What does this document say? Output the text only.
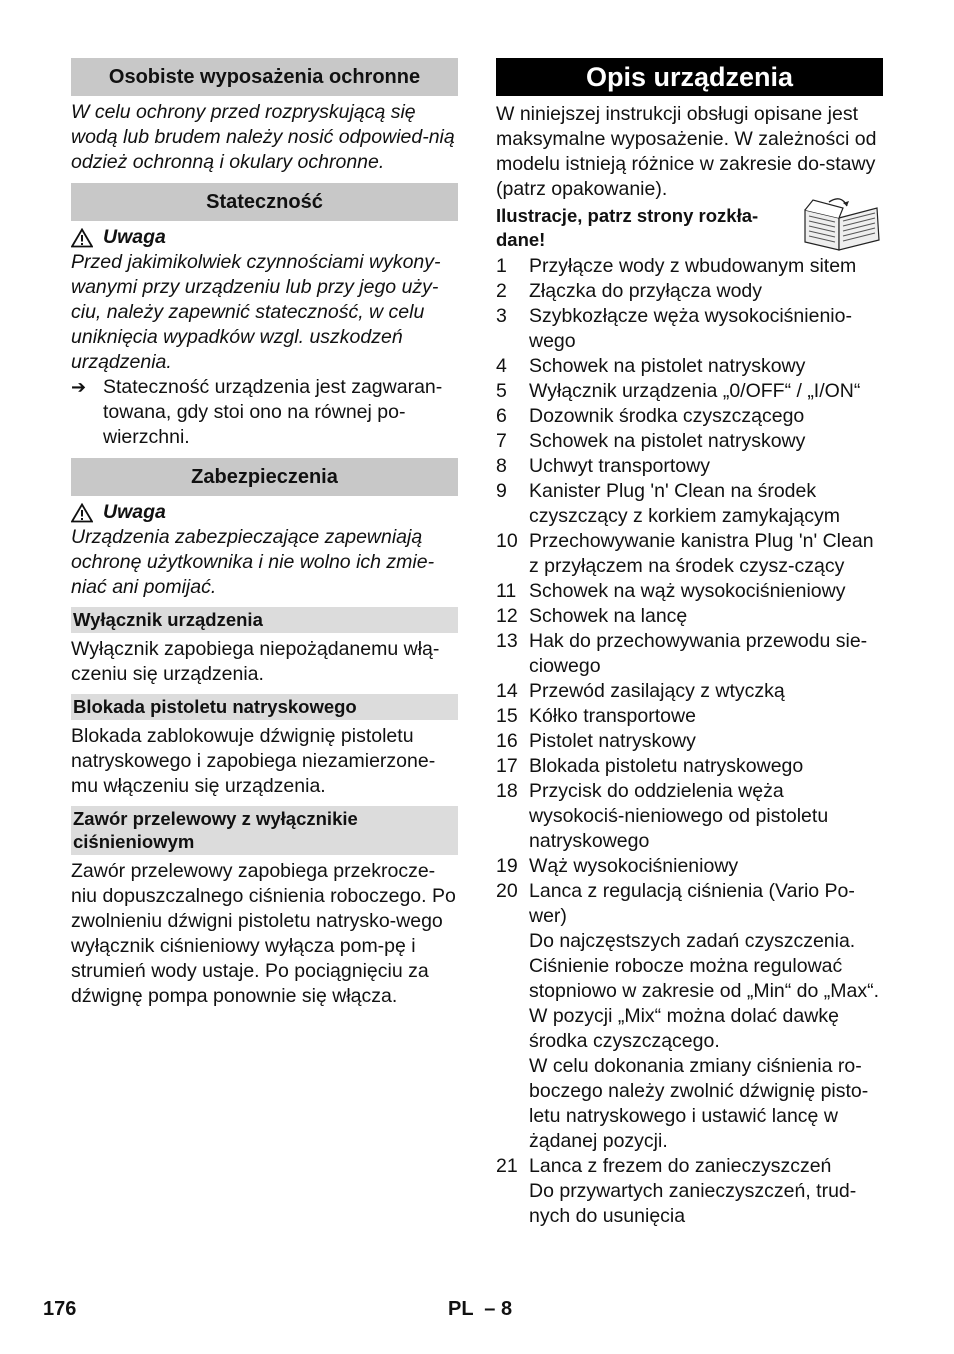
Osobiste wyposażenia ochronne

W celu ochrony przed rozpryskującą się wodą lub brudem należy nosić odpowied-nią odzież ochronną i okulary ochronne.

Stateczność
Uwaga

Przed jakimikolwiek czynnościami wykony-wanymi przy urządzeniu lub przy jego uży-ciu, należy zapewnić stateczność, w celu uniknięcia wypadków wzgl. uszkodzeń urządzenia.

➔ Stateczność urządzenia jest zagwaran-towana, gdy stoi ono na równej po-wierzchni.
Zabezpieczenia
Uwaga

Urządzenia zabezpieczające zapewniają ochronę użytkownika i nie wolno ich zmie-niać ani pomijać.

Wyłącznik urządzenia

Wyłącznik zapobiega niepożądanemu włą-czeniu się urządzenia.

Blokada pistoletu natryskowego

Blokada zablokowuje dźwignię pistoletu natryskowego i zapobiega niezamierzone-mu włączeniu się urządzenia.

Zawór przelewowy z wyłącznikie ciśnieniowym

Zawór przelewowy zapobiega przekrocze-niu dopuszczalnego ciśnienia roboczego. Po zwolnieniu dźwigni pistoletu natrysko-wego wyłącznik ciśnieniowy wyłącza pom-pę i strumień wody ustaje. Po pociągnięciu za dźwignę pompa ponownie się włącza.

Opis urządzenia

W niniejszej instrukcji obsługi opisane jest maksymalne wyposażenie. W zależności od modelu istnieją różnice w zakresie do-stawy (patrz opakowanie).

Ilustracje, patrz strony rozkła-dane!
1	Przyłącze wody z wbudowanym sitem
2	Złączka do przyłącza wody
3	Szybkozłącze węża wysokociśnienio-wego
4	Schowek na pistolet natryskowy
5	Wyłącznik urządzenia „0/OFF“ / „I/ON“
6	Dozownik środka czyszczącego
7	Schowek na pistolet natryskowy
8	Uchwyt transportowy
9	Kanister Plug 'n' Clean na środek czyszczący z korkiem zamykającym
10 Przechowywanie kanistra Plug 'n' Clean z przyłączem na środek czysz-czący
11 Schowek na wąż wysokociśnieniowy
12 Schowek na lancę
13 Hak do przechowywania przewodu sie-ciowego
14 Przewód zasilający z wtyczką
15 Kółko transportowe
16 Pistolet natryskowy
17 Blokada pistoletu natryskowego
18 Przycisk do oddzielenia węża wysokociś-nieniowego od pistoletu natryskowego
19 Wąż wysokociśnieniowy
20 Lanca z regulacją ciśnienia (Vario Po-wer)
Do najczęstszych zadań czyszczenia. Ciśnienie robocze można regulować stopniowo w zakresie od „Min“ do „Max“. W pozycji „Mix“ można dolać dawkę środka czyszczącego.
W celu dokonania zmiany ciśnienia ro-boczego należy zwolnić dźwignię pisto-letu natryskowego i ustawić lancę w żądanej pozycji.
21 Lanca z frezem do zanieczyszczeń
Do przywartych zanieczyszczeń, trud-nych do usunięcia
176	PL  – 8
